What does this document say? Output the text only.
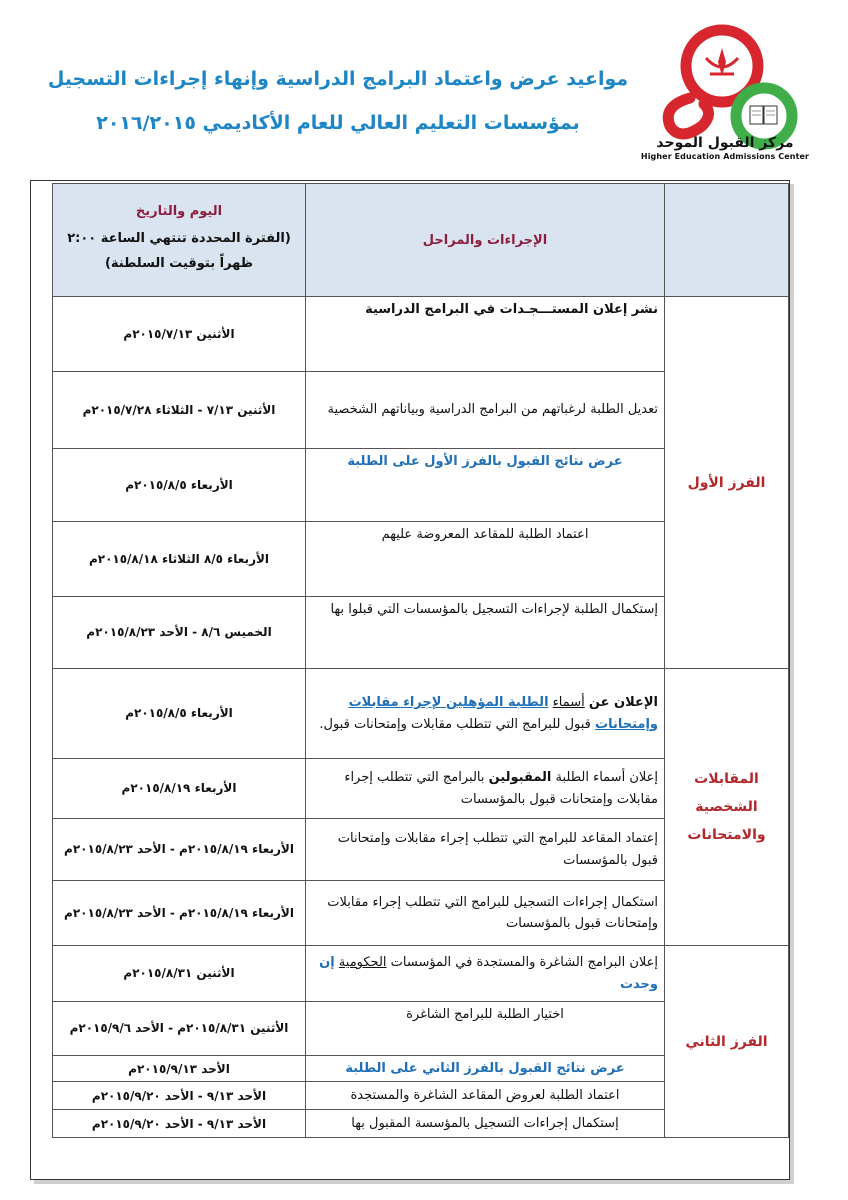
مواعيد عرض واعتماد البرامج الدراسية وإنهاء إجراءات التسجيل
بمؤسسات التعليم العالي للعام الأكاديمي ٢٠١٦/٢٠١٥
مركز القبول الموحد
Higher Education Admissions Center
	الإجراءات والمراحل	اليوم والتاريخ
(الفترة المحددة تنتهي الساعة ٢:٠٠ ظهراً بتوقيت السلطنة)

الفرز الأول	نشر إعلان المستـــجـدات في البرامج الدراسية	الأثنين ٢٠١٥/٧/١٣م
	تعديل الطلبة لرغباتهم من البرامج الدراسية وبياناتهم الشخصية	الأثنين ٧/١٣ - الثلاثاء ٢٠١٥/٧/٢٨م

	عرض نتائج القبول بالفرز الأول على الطلبة	الأربعاء ٢٠١٥/٨/٥م
	اعتماد الطلبة للمقاعد المعروضة عليهم	الأربعاء ٨/٥ الثلاثاء ٢٠١٥/٨/١٨م
	إستكمال الطلبة لإجراءات التسجيل بالمؤسسات التي قبلوا بها	الخميس ٨/٦ - الأحد ٢٠١٥/٨/٢٣م
المقابلات الشخصية والامتحانات	الإعلان عن أسماء الطلبة المؤهلين لإجراء مقابلات وإمتحانات قبول للبرامج التي تتطلب مقابلات وإمتحانات قبول.	الأربعاء ٢٠١٥/٨/٥م
	إعلان أسماء الطلبة المقبولين بالبرامج التي تتطلب إجراء مقابلات وإمتحانات قبول بالمؤسسات	الأربعاء ٢٠١٥/٨/١٩م
	إعتماد المقاعد للبرامج التي تتطلب إجراء مقابلات وإمتحانات قبول بالمؤسسات	الأربعاء ٢٠١٥/٨/١٩م - الأحد ٢٠١٥/٨/٢٣م
	استكمال إجراءات التسجيل للبرامج التي تتطلب إجراء مقابلات وإمتحانات قبول بالمؤسسات	الأربعاء ٢٠١٥/٨/١٩م - الأحد ٢٠١٥/٨/٢٣م
الفرز الثاني	إعلان البرامج الشاغرة والمستجدة في المؤسسات الحكومية إن وجدت	الأثنين ٢٠١٥/٨/٣١م
	اختيار الطلبة للبرامج الشاغرة	الأثنين ٢٠١٥/٨/٣١م - الأحد ٢٠١٥/٩/٦م

	عرض نتائج القبول بالفرز الثاني على الطلبة	الأحد ٢٠١٥/٩/١٣م
	اعتماد الطلبة لعروض المقاعد الشاغرة والمستجدة	الأحد ٩/١٣ - الأحد ٢٠١٥/٩/٢٠م
	إستكمال إجراءات التسجيل بالمؤسسة المقبول بها	الأحد ٩/١٣ - الأحد ٢٠١٥/٩/٢٠م
